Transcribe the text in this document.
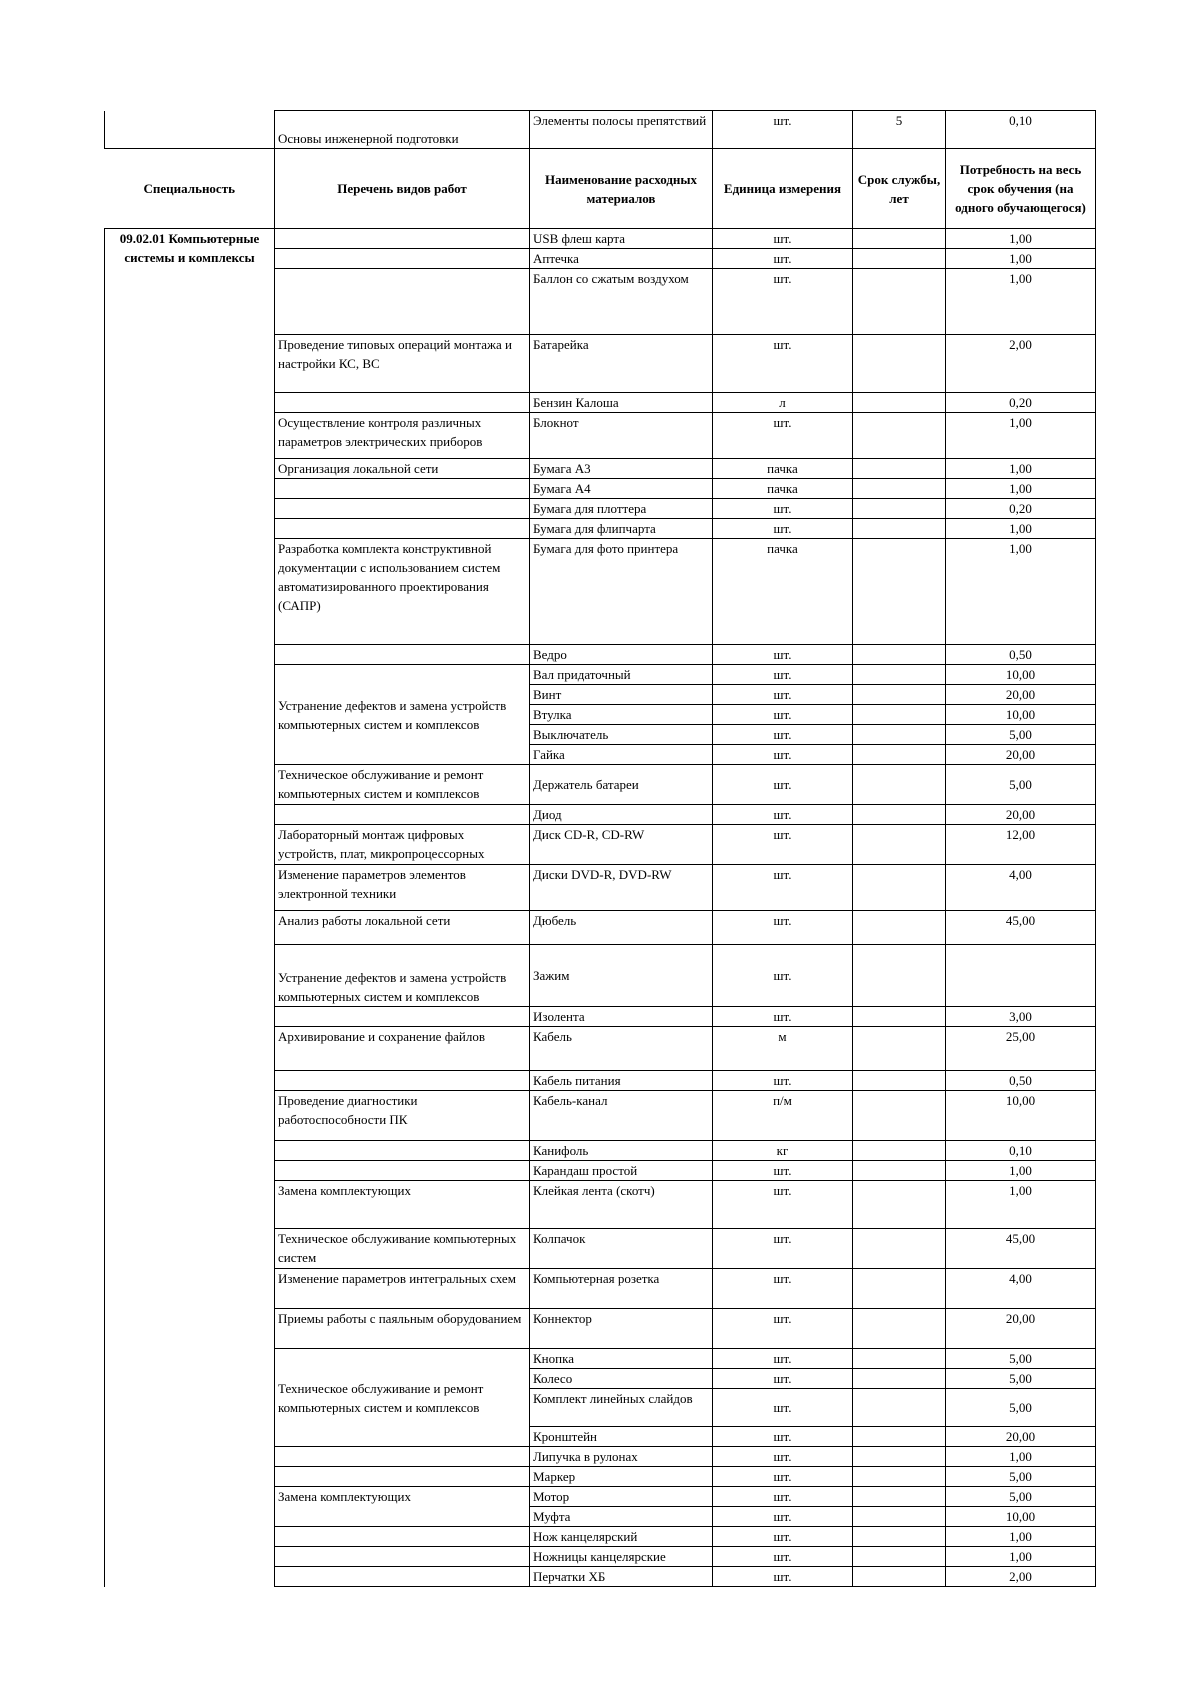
	Основы инженерной подготовки	Элементы полосы препятствий	шт.	5	0,10
Специальность	Перечень видов работ	Наименование расходных материалов	Единица измерения	Срок службы, лет	Потребность на весь срок обучения (на одного обучающегося)

09.02.01 Компьютерные системы и комплексы		USB флеш карта	шт.		1,00
		Аптечка	шт.		1,00
		Баллон со сжатым воздухом	шт.		1,00
	Проведение типовых операций монтажа и настройки КС, ВС	Батарейка	шт.		2,00
		Бензин Калоша	л		0,20
	Осуществление контроля различных параметров электрических приборов	Блокнот	шт.		1,00
	Организация локальной сети	Бумага А3	пачка		1,00
		Бумага А4	пачка		1,00
		Бумага для плоттера	шт.		0,20
		Бумага для флипчарта	шт.		1,00
	Разработка комплекта конструктивной документации с использованием систем автоматизированного проектирования (САПР)	Бумага для фото принтера	пачка		1,00
		Ведро	шт.		0,50
	Устранение дефектов и замена устройств компьютерных систем и комплексов	Вал придаточный	шт.		10,00
		Винт	шт.		20,00
		Втулка	шт.		10,00
		Выключатель	шт.		5,00
		Гайка	шт.		20,00
	Техническое обслуживание и ремонт компьютерных систем и комплексов	Держатель батареи	шт.		5,00
		Диод	шт.		20,00
	Лабораторный монтаж цифровых устройств, плат, микропроцессорных	Диск CD-R, CD-RW	шт.		12,00
	Изменение параметров элементов электронной техники	Диски DVD-R, DVD-RW	шт.		4,00
	Анализ работы локальной сети	Дюбель	шт.		45,00
	Устранение дефектов и замена устройств компьютерных систем и комплексов	Зажим	шт.		
		Изолента	шт.		3,00
	Архивирование и сохранение файлов	Кабель	м		25,00
		Кабель питания	шт.		0,50
	Проведение диагностики работоспособности ПК	Кабель-канал	п/м		10,00
		Канифоль	кг		0,10
		Карандаш простой	шт.		1,00
	Замена комплектующих	Клейкая лента (скотч)	шт.		1,00
	Техническое обслуживание компьютерных систем	Колпачок	шт.		45,00
	Изменение параметров интегральных схем	Компьютерная розетка	шт.		4,00
	Приемы работы с паяльным оборудованием	Коннектор	шт.		20,00
	Техническое обслуживание и ремонт компьютерных систем и комплексов	Кнопка	шт.		5,00
		Колесо	шт.		5,00
		Комплект линейных слайдов	шт.		5,00
		Кронштейн	шт.		20,00
		Липучка в рулонах	шт.		1,00
		Маркер	шт.		5,00
	Замена комплектующих	Мотор	шт.		5,00
		Муфта	шт.		10,00
		Нож канцелярский	шт.		1,00
		Ножницы канцелярские	шт.		1,00
		Перчатки ХБ	шт.		2,00
